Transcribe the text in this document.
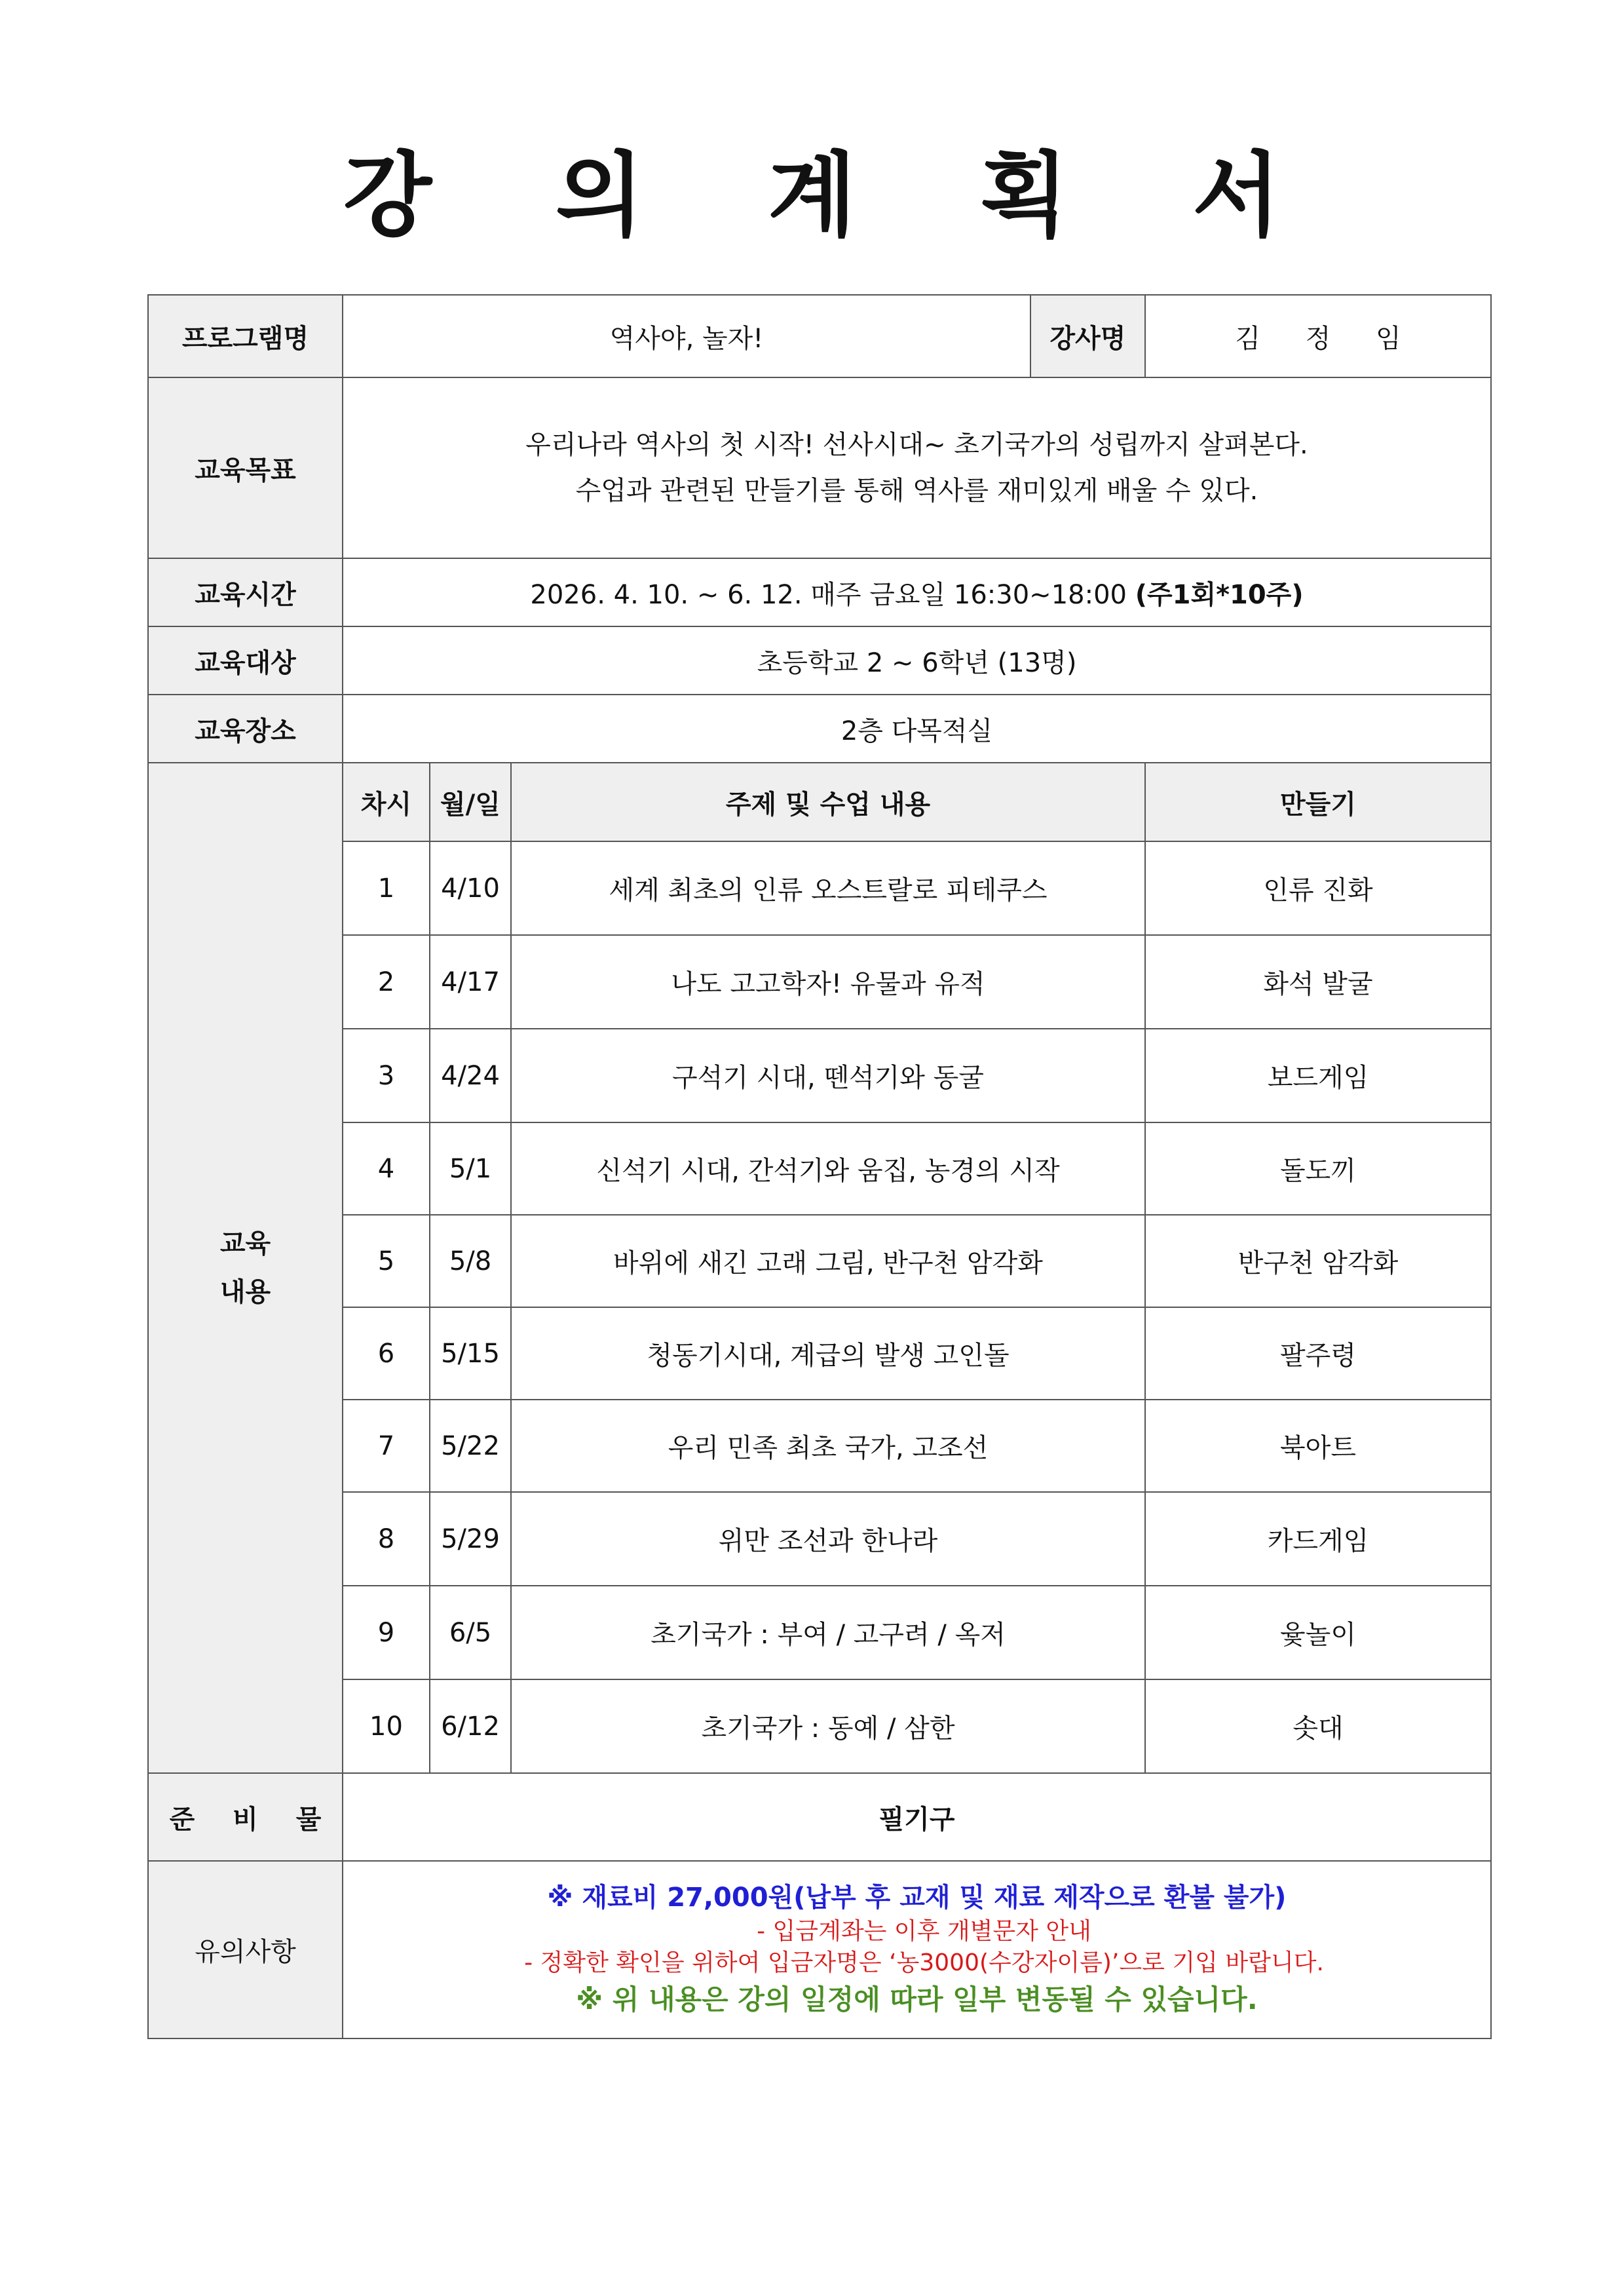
강 의 계 획 서
프로그램명	역사야, 놀자!			강사명	김 정 임
교육목표	우리나라 역사의 첫 시작! 선사시대~ 초기국가의 성립까지 살펴본다.
수업과 관련된 만들기를 통해 역사를 재미있게 배울 수 있다.				

교육시간	2026. 4. 10. ~ 6. 12. 매주 금요일 16:30~18:00 (주1회*10주)				
교육대상	초등학교 2 ~ 6학년 (13명)				
교육장소	2층 다목적실				

교육
내용	차시	월/일	주제 및 수업 내용		만들기
	1	4/10	세계 최초의 인류 오스트랄로 피테쿠스		인류 진화
	2	4/17	나도 고고학자! 유물과 유적		화석 발굴
	3	4/24	구석기 시대, 뗀석기와 동굴		보드게임
	4	5/1	신석기 시대, 간석기와 움집, 농경의 시작		돌도끼
	5	5/8	바위에 새긴 고래 그림, 반구천 암각화		반구천 암각화
	6	5/15	청동기시대, 계급의 발생 고인돌		팔주령
	7	5/22	우리 민족 최초 국가, 고조선		북아트
	8	5/29	위만 조선과 한나라		카드게임
	9	6/5	초기국가 : 부여 / 고구려 / 옥저		윷놀이
	10	6/12	초기국가 : 동예 / 삼한		솟대
준 비 물	필기구				
유의사항	※ 재료비 27,000원(납부 후 교재 및 재료 제작으로 환불 불가)
- 입금계좌는 이후 개별문자 안내
- 정확한 확인을 위하여 입금자명은 ‘농3000(수강자이름)’으로 기입 바랍니다.
※ 위 내용은 강의 일정에 따라 일부 변동될 수 있습니다.				
